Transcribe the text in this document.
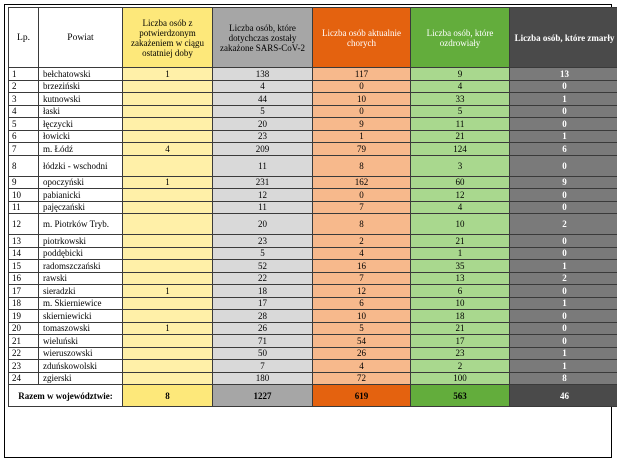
Lp.	Powiat	Liczba osób z potwierdzonym zakażeniem w ciągu ostatniej doby	Liczba osób, które dotychczas zostały zakażone SARS-CoV-2	Liczba osób aktualnie chorych	Liczba osób, które ozdrowiały	Liczba osób, które zmarły

1	bełchatowski	1	138	117	9	13
2	brzeziński		4	0	4	0
3	kutnowski		44	10	33	1
4	łaski		5	0	5	0
5	łęczycki		20	9	11	0
6	łowicki		23	1	21	1
7	m. Łódź	4	209	79	124	6
8	łódzki - wschodni		11	8	3	0
9	opoczyński	1	231	162	60	9
10	pabianicki		12	0	12	0
11	pajęczański		11	7	4	0
12	m. Piotrków Tryb.		20	8	10	2
13	piotrkowski		23	2	21	0
14	poddębicki		5	4	1	0
15	radomszczański		52	16	35	1
16	rawski		22	7	13	2
17	sieradzki	1	18	12	6	0
18	m. Skierniewice		17	6	10	1
19	skierniewicki		28	10	18	0
20	tomaszowski	1	26	5	21	0
21	wieluński		71	54	17	0
22	wieruszowski		50	26	23	1
23	zduńskowolski		7	4	2	1
24	zgierski		180	72	100	8
Razem w województwie:		8	1227	619	563	46
